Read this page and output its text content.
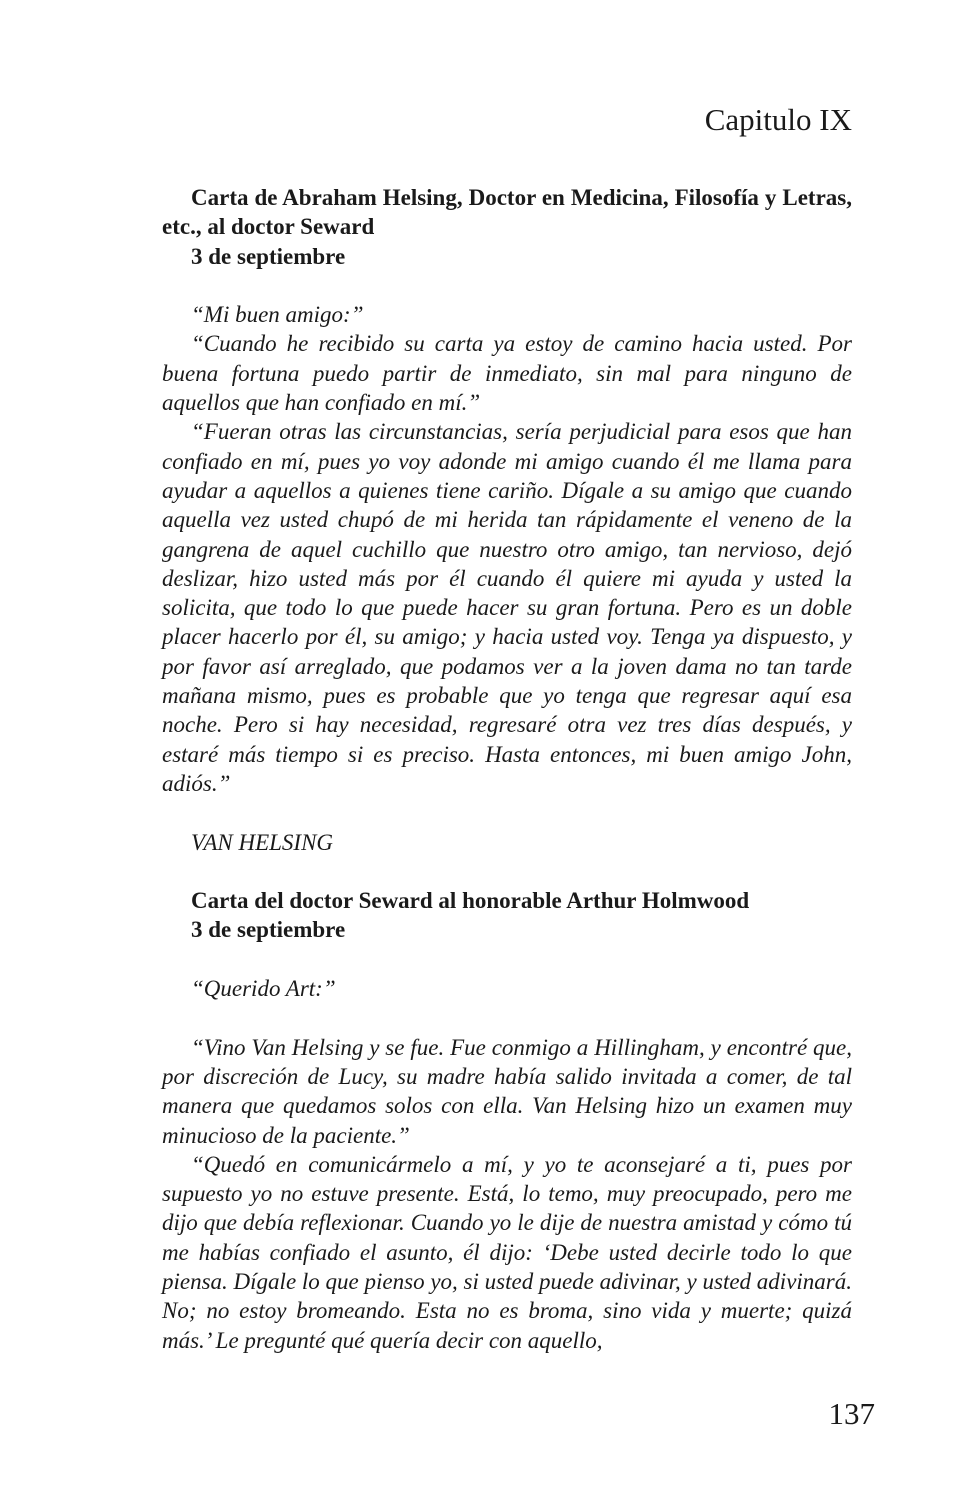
Capitulo IX

Carta de Abraham Helsing, Doctor en Medicina, Filosofía y Letras, etc., al doctor Seward

3 de septiembre

“Mi buen amigo:”

“Cuando he recibido su carta ya estoy de camino hacia usted. Por buena fortuna puedo partir de inmediato, sin mal para ninguno de aquellos que han confiado en mí.”

“Fueran otras las circunstancias, sería perjudicial para esos que han confiado en mí, pues yo voy adonde mi amigo cuando él me llama para ayudar a aquellos a quienes tiene cariño. Dígale a su amigo que cuando aquella vez usted chupó de mi herida tan rápidamente el veneno de la gangrena de aquel cuchillo que nuestro otro amigo, tan nervioso, dejó deslizar, hizo usted más por él cuando él quiere mi ayuda y usted la solicita, que todo lo que puede hacer su gran fortuna. Pero es un doble placer hacerlo por él, su amigo; y hacia usted voy. Tenga ya dispuesto, y por favor así arreglado, que podamos ver a la joven dama no tan tarde mañana mismo, pues es probable que yo tenga que regresar aquí esa noche. Pero si hay necesidad, regresaré otra vez tres días después, y estaré más tiempo si es preciso. Hasta entonces, mi buen amigo John, adiós.”

VAN HELSING

Carta del doctor Seward al honorable Arthur Holmwood

3 de septiembre

“Querido Art:”

“Vino Van Helsing y se fue. Fue conmigo a Hillingham, y encontré que, por discreción de Lucy, su madre había salido invitada a comer, de tal manera que quedamos solos con ella. Van Helsing hizo un examen muy minucioso de la paciente.”

“Quedó en comunicármelo a mí, y yo te aconsejaré a ti, pues por supuesto yo no estuve presente. Está, lo temo, muy preocupado, pero me dijo que debía reflexionar. Cuando yo le dije de nuestra amistad y cómo tú me habías confiado el asunto, él dijo: ‘Debe usted decirle todo lo que piensa. Dígale lo que pienso yo, si usted puede adivinar, y usted adivinará. No; no estoy bromeando. Esta no es broma, sino vida y muerte; quizá más.’ Le pregunté qué quería decir con aquello,

137
